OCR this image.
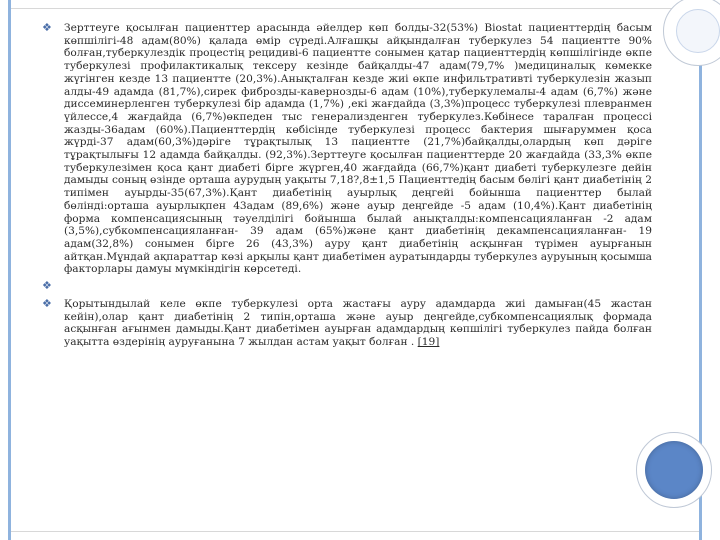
❖ Зерттеуге қосылған пациенттер арасында әйелдер көп болды-32(53%) Biostat пациенттердің басым көпшілігі-48 адам(80%) қалада өмір сүреді.Алғашқы айқындалған туберкулез 54 пациентте 90% болған,туберкулездік процестің рецидиві-6 пациентте сонымен қатар пациенттердің көпшілігінде өкпе туберкулезі профилактикалық тексеру кезінде байқалды-47 адам(79,7% )медициналық көмекке жүгінген кезде 13 пациентте (20,3%).Анықталған кезде жиі өкпе инфильтративті туберкулезін жазып алды-49 адамда (81,7%),сирек фиброзды-кавернозды-6 адам (10%),туберкулемалы-4 адам (6,7%) және диссеминерленген туберкулезі бір адамда (1,7%) ,екі жағдайда (3,3%)процесс туберкулезі плевранмен үйлессе,4 жағдайда (6,7%)өкпеден тыс генерализденген туберкулез.Көбінесе таралған процессі жазды-36адам (60%).Пациенттердің көбісінде туберкулезі процесс бактерия шығаруммен қоса жүрді-37 адам(60,3%)дәріге тұрақтылық 13 пациентте (21,7%)байқалды,олардың көп дәріге тұрақтылығы 12 адамда байқалды. (92,3%).Зерттеуге қосылған пациенттерде 20 жағдайда (33,3% өкпе туберкулезімен қоса қант диабеті бірге жүрген,40 жағдайда (66,7%)қант диабеті туберкулезге дейін дамыды соның өзінде орташа аурудың уақыты 7,18?,8±1,5 Пациенттедің басым бөлігі қант диабетінің 2 типімен ауырды-35(67,3%).Қант диабетінің ауырлық деңгейі бойынша пациенттер былай бөлінді:орташа ауырлықпен 43адам (89,6%) және ауыр деңгейде -5 адам (10,4%).Қант диабетінің форма компенсациясының тәуелділігі бойынша былай анықталды:компенсацияланған -2 адам (3,5%),субкомпенсацияланған- 39 адам (65%)және қант диабетінің декампенсацияланған- 19 адам(32,8%) сонымен бірге 26 (43,3%) ауру қант диабетінің асқынған түрімен ауырғанын айтқан.Мұндай ақпараттар көзі арқылы қант диабетімен ауратындарды туберкулез ауруының қосымша факторлары дамуы мүмкіндігін көрсетеді.
❖
❖ Қорытындылай келе өкпе туберкулезі орта жастағы ауру адамдарда жиі дамыған(45 жастан кейін),олар қант диабетінің 2 типін,орташа және ауыр деңгейде,субкомпенсациялық формада асқынған ағынмен дамыды.Қант диабетімен ауырған адамдардың көпшілігі туберкулез пайда болған уақытта өздерінің ауруғанына 7 жылдан астам уақыт болған . [19]
